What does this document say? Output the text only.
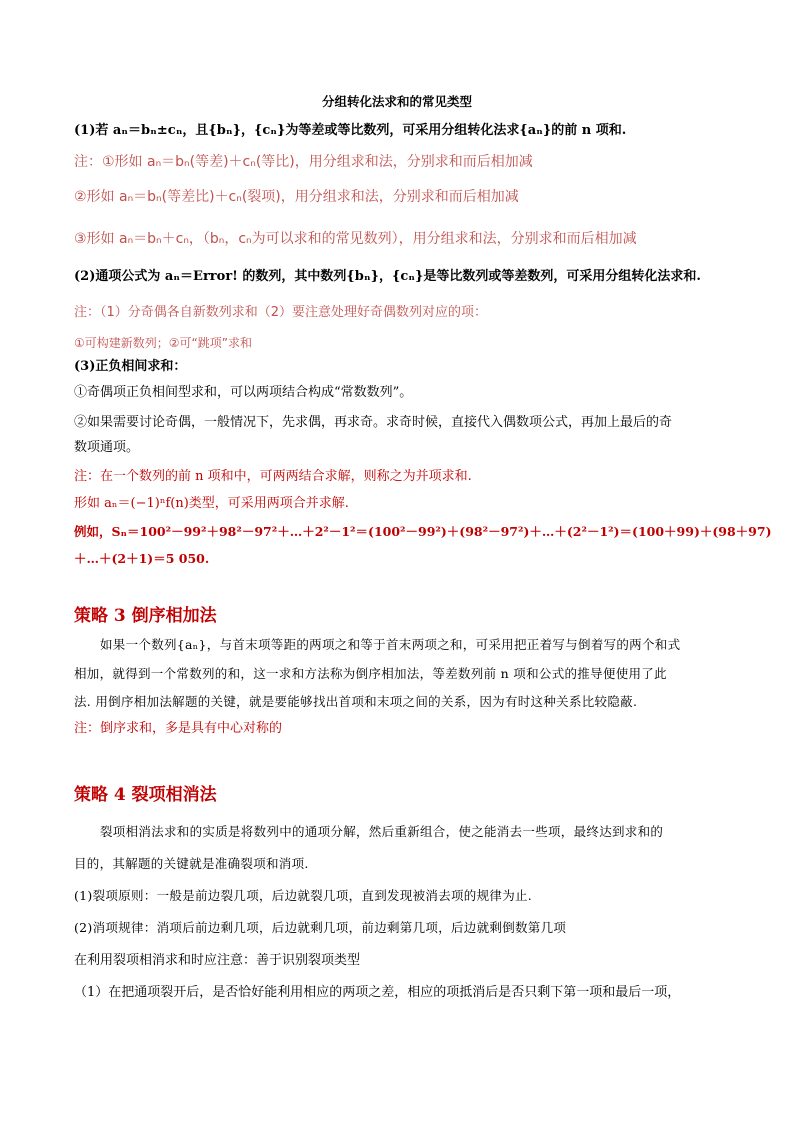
分组转化法求和的常见类型
(1)若 aₙ＝bₙ±cₙ，且{bₙ}，{cₙ}为等差或等比数列，可采用分组转化法求{aₙ}的前 n 项和.
注：①形如 aₙ＝bₙ(等差)＋cₙ(等比)，用分组求和法，分别求和而后相加减
②形如 aₙ＝bₙ(等差比)＋cₙ(裂项)，用分组求和法，分别求和而后相加减
③形如 aₙ＝bₙ＋cₙ，（bₙ，cₙ为可以求和的常见数列），用分组求和法，分别求和而后相加减
(2)通项公式为 aₙ＝Error! 的数列，其中数列{bₙ}，{cₙ}是等比数列或等差数列，可采用分组转化法求和.
注：（1）分奇偶各自新数列求和（2）要注意处理好奇偶数列对应的项：
①可构建新数列；②可“跳项”求和
(3)正负相间求和：
①奇偶项正负相间型求和，可以两项结合构成“常数数列”。
②如果需要讨论奇偶，一般情况下，先求偶，再求奇。求奇时候，直接代入偶数项公式，再加上最后的奇
数项通项。
注：在一个数列的前 n 项和中，可两两结合求解，则称之为并项求和.
形如 aₙ＝(−1)ⁿf(n)类型，可采用两项合并求解.
例如，Sₙ＝100²－99²＋98²－97²＋…＋2²－1²＝(100²－99²)＋(98²－97²)＋…＋(2²－1²)＝(100＋99)＋(98＋97)
＋…＋(2＋1)＝5 050.
策略 3 倒序相加法
如果一个数列{aₙ}，与首末项等距的两项之和等于首末两项之和，可采用把正着写与倒着写的两个和式
相加，就得到一个常数列的和，这一求和方法称为倒序相加法，等差数列前 n 项和公式的推导便使用了此
法. 用倒序相加法解题的关键，就是要能够找出首项和末项之间的关系，因为有时这种关系比较隐蔽.
注：倒序求和，多是具有中心对称的
策略 4 裂项相消法
裂项相消法求和的实质是将数列中的通项分解，然后重新组合，使之能消去一些项，最终达到求和的
目的，其解题的关键就是准确裂项和消项.
(1)裂项原则：一般是前边裂几项，后边就裂几项，直到发现被消去项的规律为止.
(2)消项规律：消项后前边剩几项，后边就剩几项，前边剩第几项，后边就剩倒数第几项
在利用裂项相消求和时应注意：善于识别裂项类型
（1）在把通项裂开后，是否恰好能利用相应的两项之差，相应的项抵消后是否只剩下第一项和最后一项，
